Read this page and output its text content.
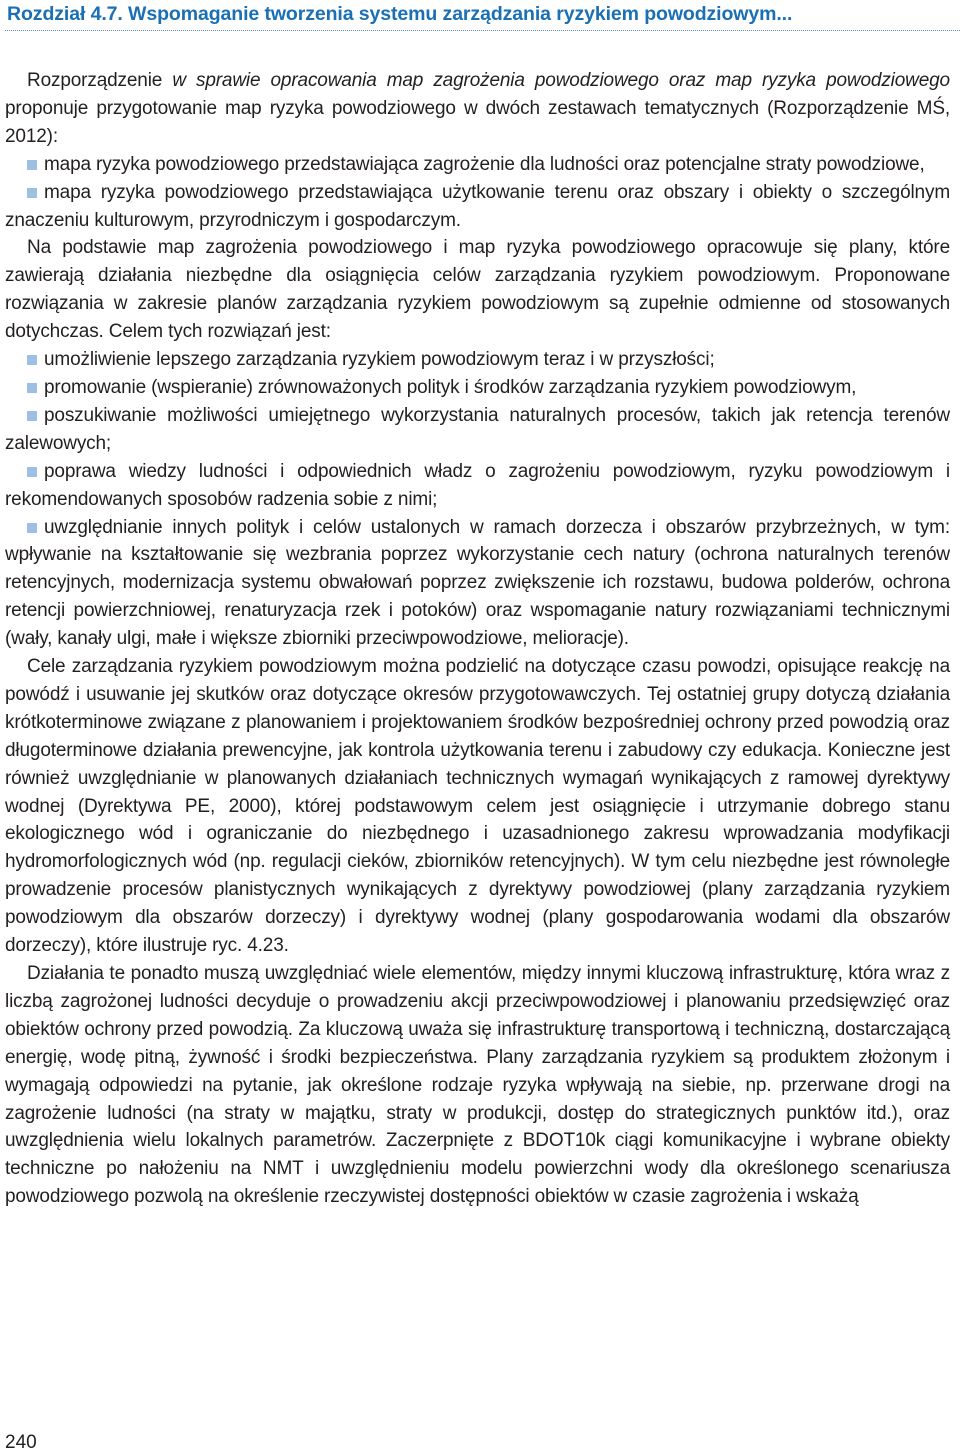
Rozdział 4.7. Wspomaganie tworzenia systemu zarządzania ryzykiem powodziowym...

Rozporządzenie w sprawie opracowania map zagrożenia powodziowego oraz map ryzyka powodziowego proponuje przygotowanie map ryzyka powodziowego w dwóch zestawach tematycznych (Rozporządzenie MŚ, 2012):

mapa ryzyka powodziowego przedstawiająca zagrożenie dla ludności oraz potencjalne straty powodziowe,

mapa ryzyka powodziowego przedstawiająca użytkowanie terenu oraz obszary i obiekty o szczególnym znaczeniu kulturowym, przyrodniczym i gospodarczym.

Na podstawie map zagrożenia powodziowego i map ryzyka powodziowego opracowuje się plany, które zawierają działania niezbędne dla osiągnięcia celów zarządzania ryzykiem powodziowym. Proponowane rozwiązania w zakresie planów zarządzania ryzykiem powodziowym są zupełnie odmienne od stosowanych dotychczas. Celem tych rozwiązań jest:

umożliwienie lepszego zarządzania ryzykiem powodziowym teraz i w przyszłości;

promowanie (wspieranie) zrównoważonych polityk i środków zarządzania ryzykiem powodziowym,

poszukiwanie możliwości umiejętnego wykorzystania naturalnych procesów, takich jak retencja terenów zalewowych;

poprawa wiedzy ludności i odpowiednich władz o zagrożeniu powodziowym, ryzyku powodziowym i rekomendowanych sposobów radzenia sobie z nimi;

uwzględnianie innych polityk i celów ustalonych w ramach dorzecza i obszarów przybrzeżnych, w tym: wpływanie na kształtowanie się wezbrania poprzez wykorzystanie cech natury (ochrona naturalnych terenów retencyjnych, modernizacja systemu obwałowań poprzez zwiększenie ich rozstawu, budowa polderów, ochrona retencji powierzchniowej, renaturyzacja rzek i potoków) oraz wspomaganie natury rozwiązaniami technicznymi (wały, kanały ulgi, małe i większe zbiorniki przeciwpowodziowe, melioracje).

Cele zarządzania ryzykiem powodziowym można podzielić na dotyczące czasu powodzi, opisujące reakcję na powódź i usuwanie jej skutków oraz dotyczące okresów przygotowawczych. Tej ostatniej grupy dotyczą działania krótkoterminowe związane z planowaniem i projektowaniem środków bezpośredniej ochrony przed powodzią oraz długoterminowe działania prewencyjne, jak kontrola użytkowania terenu i zabudowy czy edukacja. Konieczne jest również uwzględnianie w planowanych działaniach technicznych wymagań wynikających z ramowej dyrektywy wodnej (Dyrektywa PE, 2000), której podstawowym celem jest osiągnięcie i utrzymanie dobrego stanu ekologicznego wód i ograniczanie do niezbędnego i uzasadnionego zakresu wprowadzania modyfikacji hydromorfologicznych wód (np. regulacji cieków, zbiorników retencyjnych). W tym celu niezbędne jest równoległe prowadzenie procesów planistycznych wynikających z dyrektywy powodziowej (plany zarządzania ryzykiem powodziowym dla obszarów dorzeczy) i dyrektywy wodnej (plany gospodarowania wodami dla obszarów dorzeczy), które ilustruje ryc. 4.23.

Działania te ponadto muszą uwzględniać wiele elementów, między innymi kluczową infrastrukturę, która wraz z liczbą zagrożonej ludności decyduje o prowadzeniu akcji przeciwpowodziowej i planowaniu przedsięwzięć oraz obiektów ochrony przed powodzią. Za kluczową uważa się infrastrukturę transportową i techniczną, dostarczającą energię, wodę pitną, żywność i środki bezpieczeństwa. Plany zarządzania ryzykiem są produktem złożonym i wymagają odpowiedzi na pytanie, jak określone rodzaje ryzyka wpływają na siebie, np. przerwane drogi na zagrożenie ludności (na straty w majątku, straty w produkcji, dostęp do strategicznych punktów itd.), oraz uwzględnienia wielu lokalnych parametrów. Zaczerpnięte z BDOT10k ciągi komunikacyjne i wybrane obiekty techniczne po nałożeniu na NMT i uwzględnieniu modelu powierzchni wody dla określonego scenariusza powodziowego pozwolą na określenie rzeczywistej dostępności obiektów w czasie zagrożenia i wskażą

240
